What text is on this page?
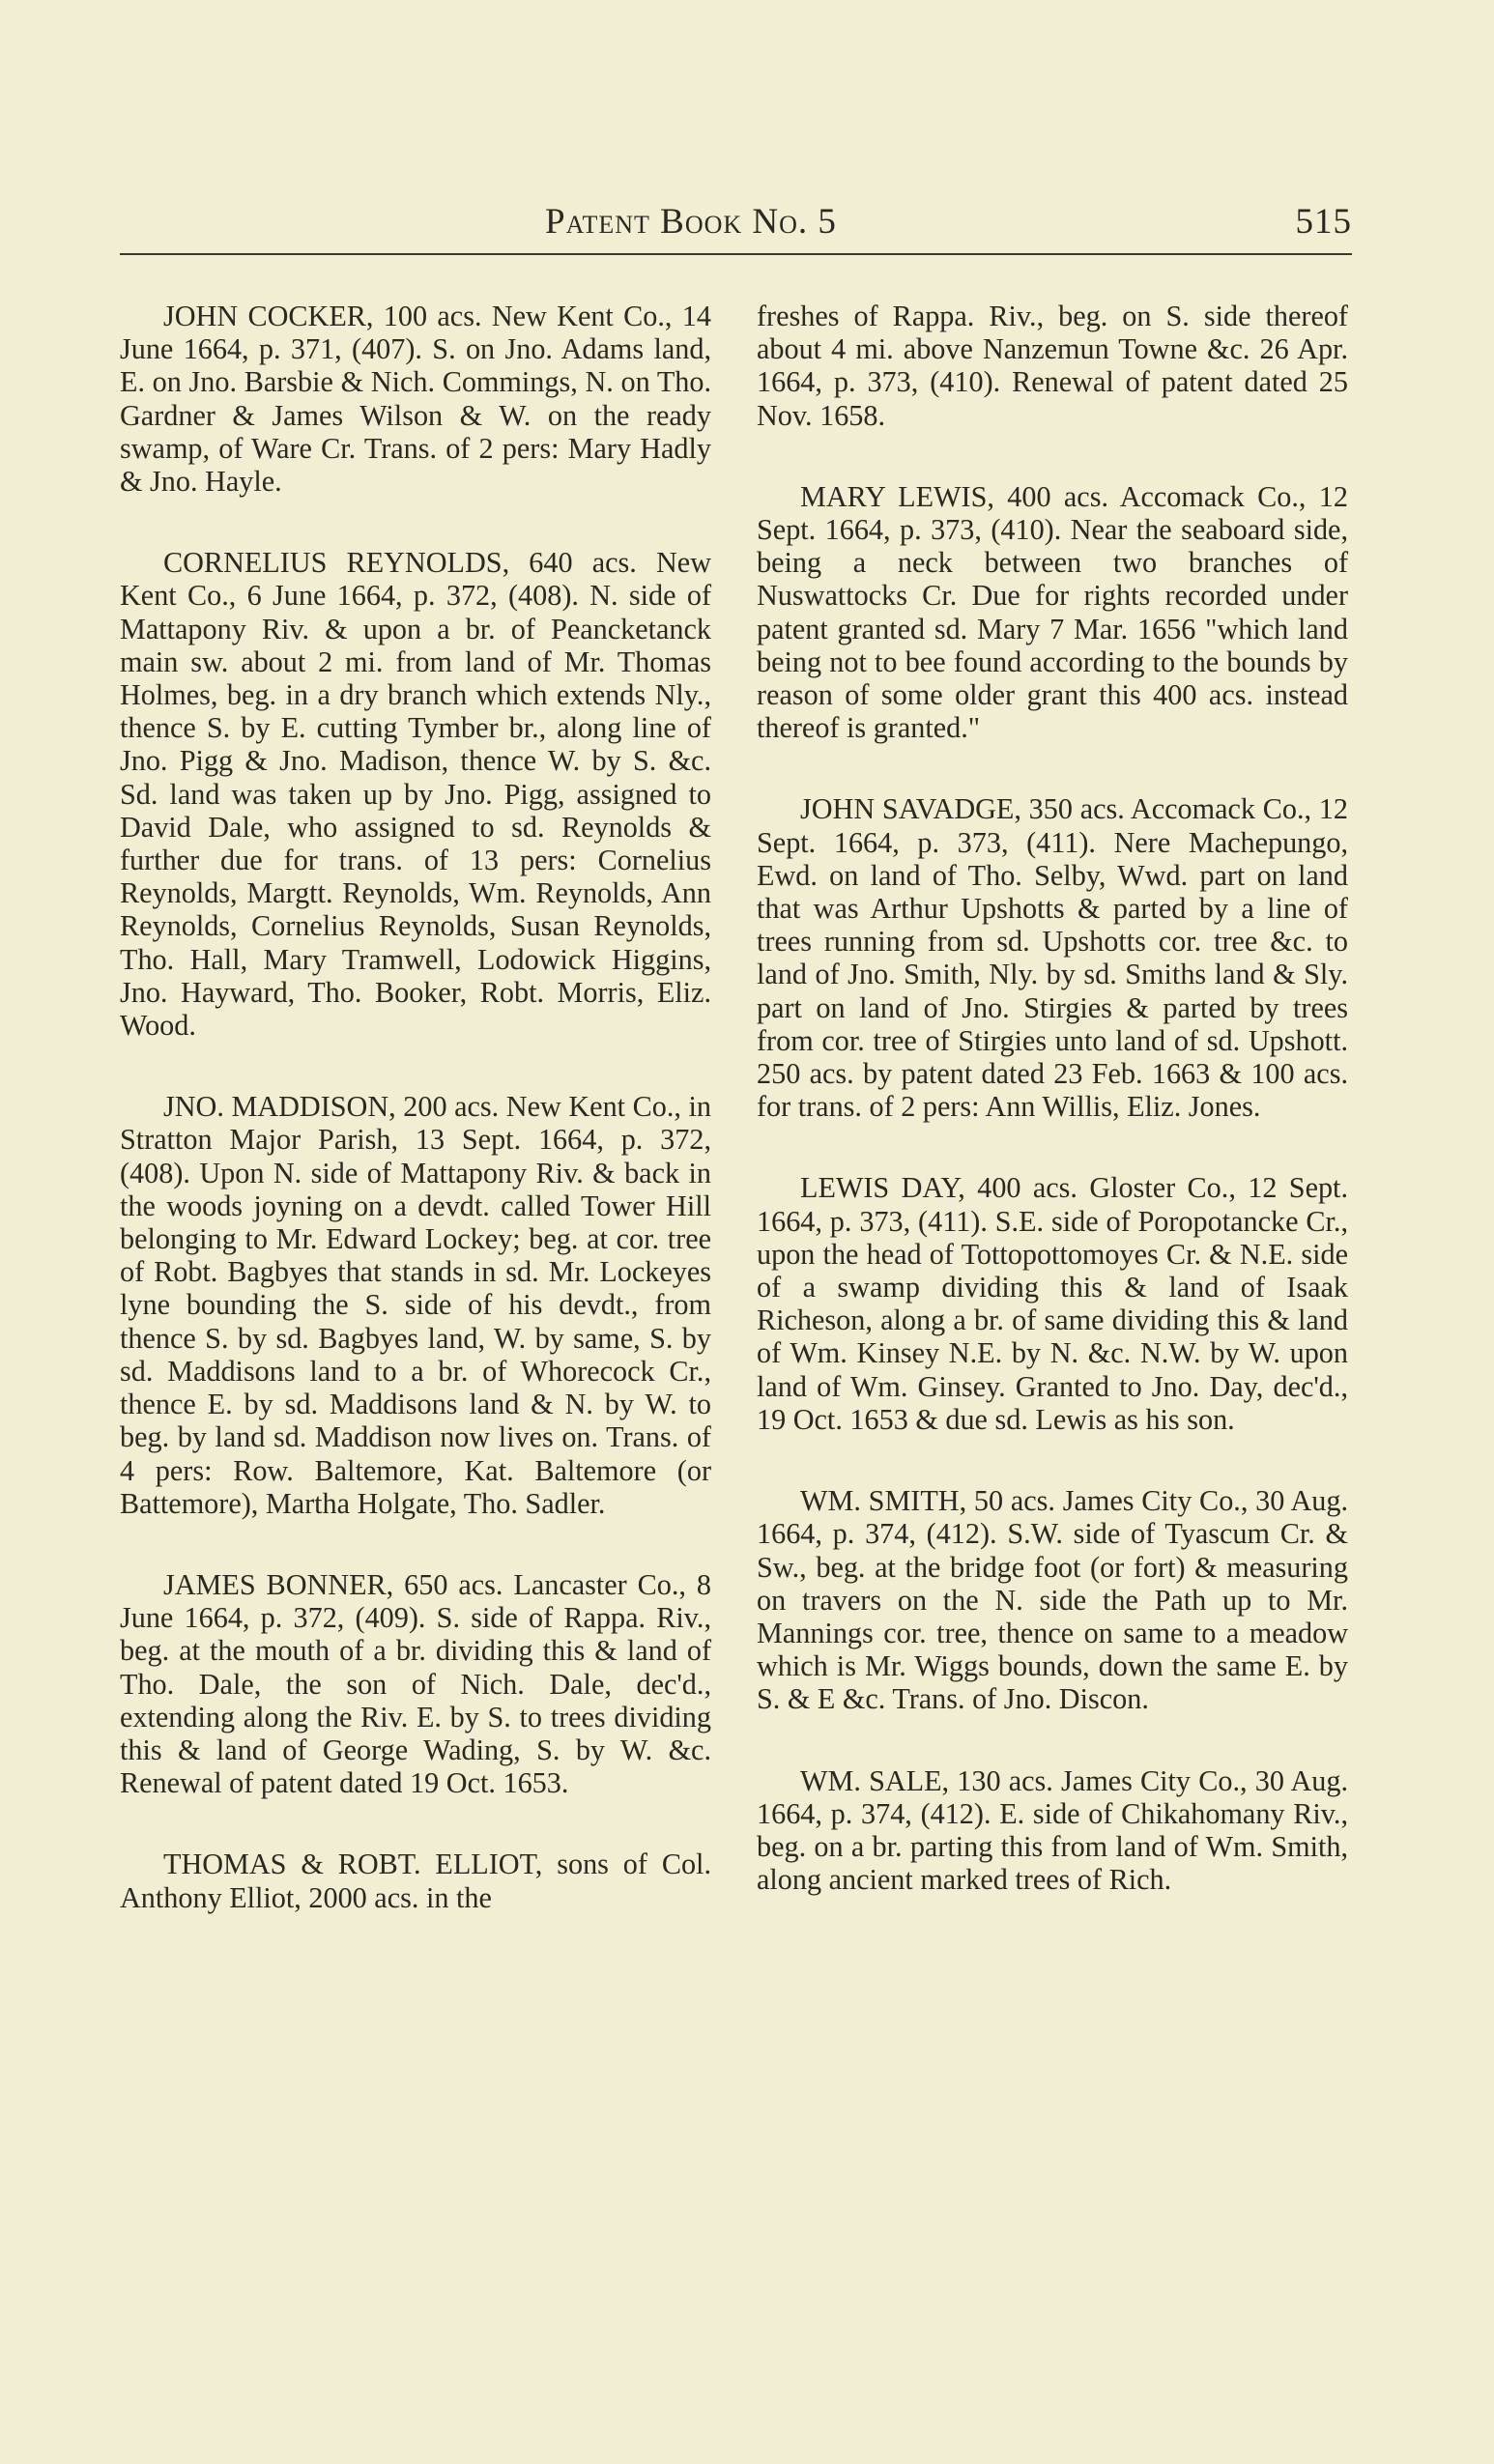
Patent Book No. 5	515

JOHN COCKER, 100 acs. New Kent Co., 14 June 1664, p. 371, (407). S. on Jno. Adams land, E. on Jno. Barsbie & Nich. Commings, N. on Tho. Gardner & James Wilson & W. on the ready swamp, of Ware Cr. Trans. of 2 pers: Mary Hadly & Jno. Hayle.

CORNELIUS REYNOLDS, 640 acs. New Kent Co., 6 June 1664, p. 372, (408). N. side of Mattapony Riv. & upon a br. of Peancketanck main sw. about 2 mi. from land of Mr. Thomas Holmes, beg. in a dry branch which extends Nly., thence S. by E. cutting Tymber br., along line of Jno. Pigg & Jno. Madison, thence W. by S. &c. Sd. land was taken up by Jno. Pigg, assigned to David Dale, who assigned to sd. Reynolds & further due for trans. of 13 pers: Cornelius Reynolds, Margtt. Reynolds, Wm. Reynolds, Ann Reynolds, Cornelius Reynolds, Susan Reynolds, Tho. Hall, Mary Tramwell, Lodowick Higgins, Jno. Hayward, Tho. Booker, Robt. Morris, Eliz. Wood.

JNO. MADDISON, 200 acs. New Kent Co., in Stratton Major Parish, 13 Sept. 1664, p. 372, (408). Upon N. side of Mattapony Riv. & back in the woods joyning on a devdt. called Tower Hill belonging to Mr. Edward Lockey; beg. at cor. tree of Robt. Bagbyes that stands in sd. Mr. Lockeyes lyne bounding the S. side of his devdt., from thence S. by sd. Bagbyes land, W. by same, S. by sd. Maddisons land to a br. of Whorecock Cr., thence E. by sd. Maddisons land & N. by W. to beg. by land sd. Maddison now lives on. Trans. of 4 pers: Row. Baltemore, Kat. Baltemore (or Battemore), Martha Holgate, Tho. Sadler.

JAMES BONNER, 650 acs. Lancaster Co., 8 June 1664, p. 372, (409). S. side of Rappa. Riv., beg. at the mouth of a br. dividing this & land of Tho. Dale, the son of Nich. Dale, dec'd., extending along the Riv. E. by S. to trees dividing this & land of George Wading, S. by W. &c. Renewal of patent dated 19 Oct. 1653.

THOMAS & ROBT. ELLIOT, sons of Col. Anthony Elliot, 2000 acs. in the

freshes of Rappa. Riv., beg. on S. side thereof about 4 mi. above Nanzemun Towne &c. 26 Apr. 1664, p. 373, (410). Renewal of patent dated 25 Nov. 1658.

MARY LEWIS, 400 acs. Accomack Co., 12 Sept. 1664, p. 373, (410). Near the seaboard side, being a neck between two branches of Nuswattocks Cr. Due for rights recorded under patent granted sd. Mary 7 Mar. 1656 "which land being not to bee found according to the bounds by reason of some older grant this 400 acs. instead thereof is granted."

JOHN SAVADGE, 350 acs. Accomack Co., 12 Sept. 1664, p. 373, (411). Nere Machepungo, Ewd. on land of Tho. Selby, Wwd. part on land that was Arthur Upshotts & parted by a line of trees running from sd. Upshotts cor. tree &c. to land of Jno. Smith, Nly. by sd. Smiths land & Sly. part on land of Jno. Stirgies & parted by trees from cor. tree of Stirgies unto land of sd. Upshott. 250 acs. by patent dated 23 Feb. 1663 & 100 acs. for trans. of 2 pers: Ann Willis, Eliz. Jones.

LEWIS DAY, 400 acs. Gloster Co., 12 Sept. 1664, p. 373, (411). S.E. side of Poropotancke Cr., upon the head of Tottopottomoyes Cr. & N.E. side of a swamp dividing this & land of Isaak Richeson, along a br. of same dividing this & land of Wm. Kinsey N.E. by N. &c. N.W. by W. upon land of Wm. Ginsey. Granted to Jno. Day, dec'd., 19 Oct. 1653 & due sd. Lewis as his son.

WM. SMITH, 50 acs. James City Co., 30 Aug. 1664, p. 374, (412). S.W. side of Tyascum Cr. & Sw., beg. at the bridge foot (or fort) & measuring on travers on the N. side the Path up to Mr. Mannings cor. tree, thence on same to a meadow which is Mr. Wiggs bounds, down the same E. by S. & E &c. Trans. of Jno. Discon.

WM. SALE, 130 acs. James City Co., 30 Aug. 1664, p. 374, (412). E. side of Chikahomany Riv., beg. on a br. parting this from land of Wm. Smith, along ancient marked trees of Rich.
